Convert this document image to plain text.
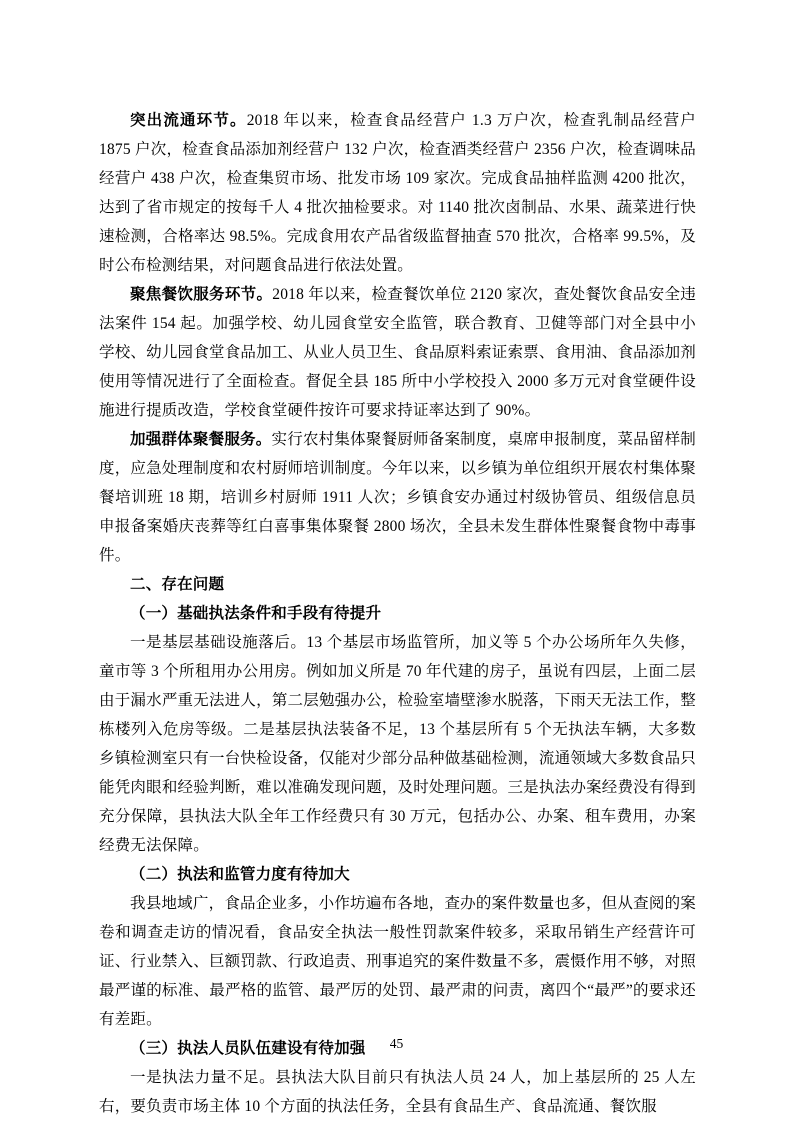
突出流通环节。2018 年以来，检查食品经营户 1.3 万户次，检查乳制品经营户 1875 户次，检查食品添加剂经营户 132 户次，检查酒类经营户 2356 户次，检查调味品经营户 438 户次，检查集贸市场、批发市场 109 家次。完成食品抽样监测 4200 批次，达到了省市规定的按每千人 4 批次抽检要求。对 1140 批次卤制品、水果、蔬菜进行快速检测，合格率达 98.5%。完成食用农产品省级监督抽查 570 批次，合格率 99.5%，及时公布检测结果，对问题食品进行依法处置。

聚焦餐饮服务环节。2018 年以来，检查餐饮单位 2120 家次，查处餐饮食品安全违法案件 154 起。加强学校、幼儿园食堂安全监管，联合教育、卫健等部门对全县中小学校、幼儿园食堂食品加工、从业人员卫生、食品原料索证索票、食用油、食品添加剂使用等情况进行了全面检查。督促全县 185 所中小学校投入 2000 多万元对食堂硬件设施进行提质改造，学校食堂硬件按许可要求持证率达到了 90%。

加强群体聚餐服务。实行农村集体聚餐厨师备案制度，桌席申报制度，菜品留样制度，应急处理制度和农村厨师培训制度。今年以来，以乡镇为单位组织开展农村集体聚餐培训班 18 期，培训乡村厨师 1911 人次；乡镇食安办通过村级协管员、组级信息员申报备案婚庆丧葬等红白喜事集体聚餐 2800 场次，全县未发生群体性聚餐食物中毒事件。

二、存在问题

（一）基础执法条件和手段有待提升

一是基层基础设施落后。13 个基层市场监管所，加义等 5 个办公场所年久失修，童市等 3 个所租用办公用房。例如加义所是 70 年代建的房子，虽说有四层，上面二层由于漏水严重无法进人，第二层勉强办公，检验室墙壁渗水脱落，下雨天无法工作，整栋楼列入危房等级。二是基层执法装备不足，13 个基层所有 5 个无执法车辆，大多数乡镇检测室只有一台快检设备，仅能对少部分品种做基础检测，流通领域大多数食品只能凭肉眼和经验判断，难以准确发现问题，及时处理问题。三是执法办案经费没有得到充分保障，县执法大队全年工作经费只有 30 万元，包括办公、办案、租车费用，办案经费无法保障。

（二）执法和监管力度有待加大

我县地域广，食品企业多，小作坊遍布各地，查办的案件数量也多，但从查阅的案卷和调查走访的情况看，食品安全执法一般性罚款案件较多，采取吊销生产经营许可证、行业禁入、巨额罚款、行政追责、刑事追究的案件数量不多，震慑作用不够，对照最严谨的标准、最严格的监管、最严厉的处罚、最严肃的问责，离四个“最严”的要求还有差距。

（三）执法人员队伍建设有待加强

一是执法力量不足。县执法大队目前只有执法人员 24 人，加上基层所的 25 人左右，要负责市场主体 10 个方面的执法任务，全县有食品生产、食品流通、餐饮服

45
